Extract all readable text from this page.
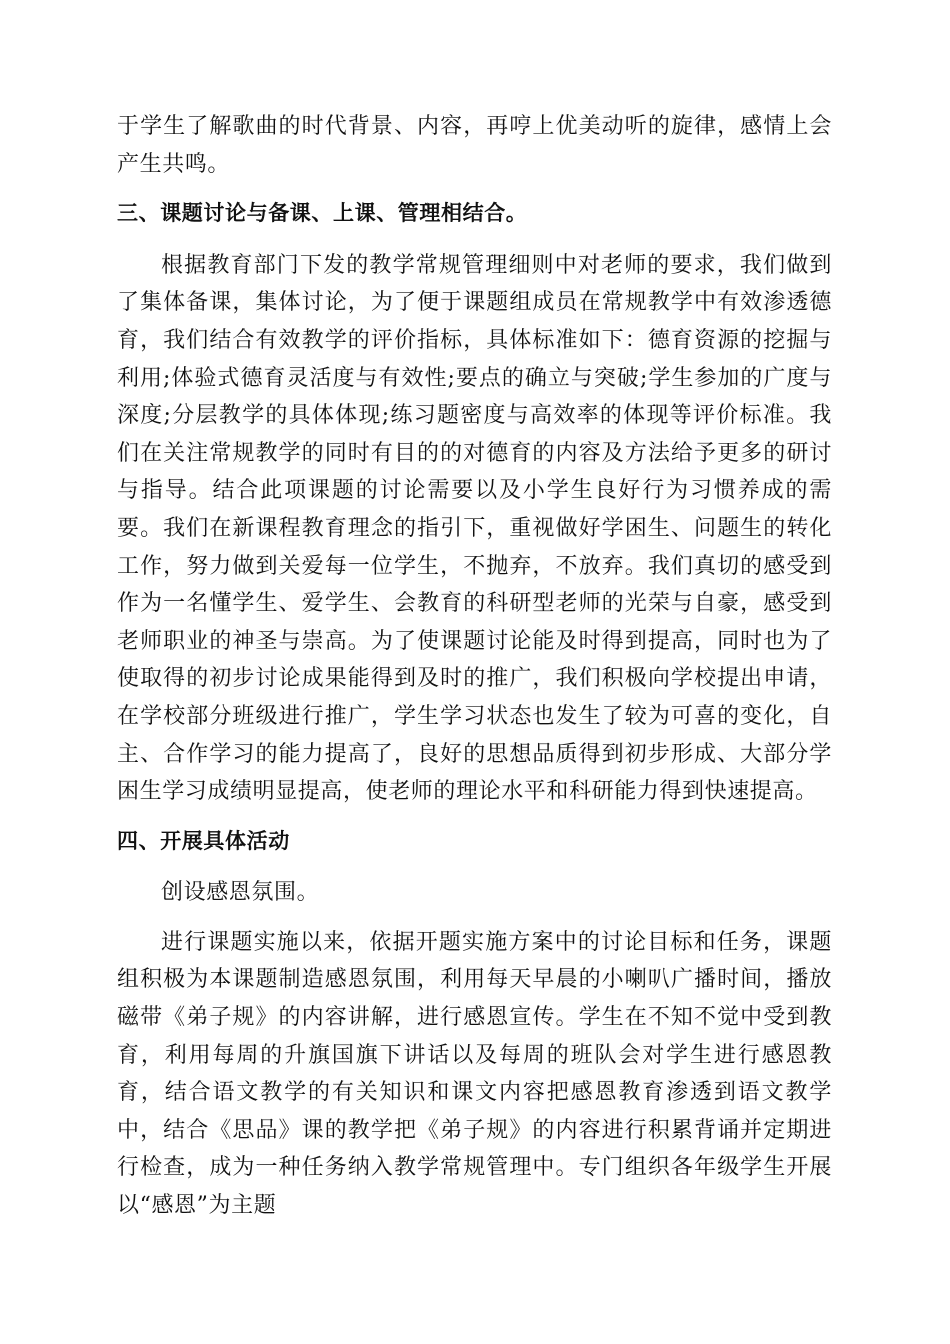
于学生了解歌曲的时代背景、内容，再哼上优美动听的旋律，感情上会产生共鸣。

三、课题讨论与备课、上课、管理相结合。

根据教育部门下发的教学常规管理细则中对老师的要求，我们做到了集体备课，集体讨论，为了便于课题组成员在常规教学中有效渗透德育，我们结合有效教学的评价指标，具体标准如下：德育资源的挖掘与利用;体验式德育灵活度与有效性;要点的确立与突破;学生参加的广度与深度;分层教学的具体体现;练习题密度与高效率的体现等评价标准。我们在关注常规教学的同时有目的的对德育的内容及方法给予更多的研讨与指导。结合此项课题的讨论需要以及小学生良好行为习惯养成的需要。我们在新课程教育理念的指引下，重视做好学困生、问题生的转化工作，努力做到关爱每一位学生，不抛弃，不放弃。我们真切的感受到作为一名懂学生、爱学生、会教育的科研型老师的光荣与自豪，感受到老师职业的神圣与崇高。为了使课题讨论能及时得到提高，同时也为了使取得的初步讨论成果能得到及时的推广，我们积极向学校提出申请，在学校部分班级进行推广，学生学习状态也发生了较为可喜的变化，自主、合作学习的能力提高了，良好的思想品质得到初步形成、大部分学困生学习成绩明显提高，使老师的理论水平和科研能力得到快速提高。

四、开展具体活动

创设感恩氛围。

进行课题实施以来，依据开题实施方案中的讨论目标和任务，课题组积极为本课题制造感恩氛围，利用每天早晨的小喇叭广播时间，播放磁带《弟子规》的内容讲解，进行感恩宣传。学生在不知不觉中受到教育，利用每周的升旗国旗下讲话以及每周的班队会对学生进行感恩教育，结合语文教学的有关知识和课文内容把感恩教育渗透到语文教学中，结合《思品》课的教学把《弟子规》的内容进行积累背诵并定期进行检查，成为一种任务纳入教学常规管理中。专门组织各年级学生开展以“感恩”为主题
